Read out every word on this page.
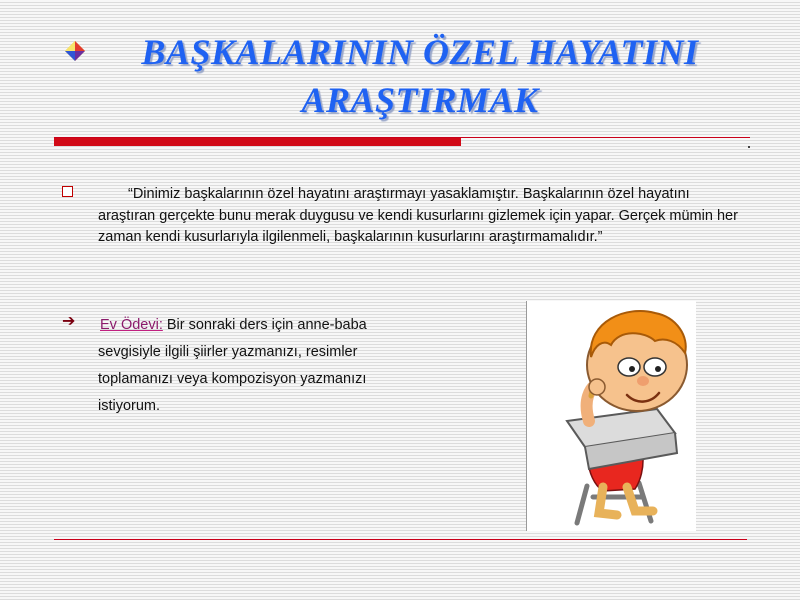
BAŞKALARININ ÖZEL HAYATINI ARAŞTIRMAK

“Dinimiz başkalarının özel hayatını araştırmayı yasaklamıştır. Başkalarının özel hayatını araştıran gerçekte bunu merak duygusu ve kendi kusurlarını gizlemek için yapar. Gerçek mümin her zaman kendi kusurlarıyla ilgilenmeli, başkalarının kusurlarını araştırmamalıdır.”

➔ Ev Ödevi: Bir sonraki ders için anne-baba sevgisiyle ilgili şiirler yazmanızı, resimler toplamanızı veya kompozisyon yazmanızı istiyorum.
